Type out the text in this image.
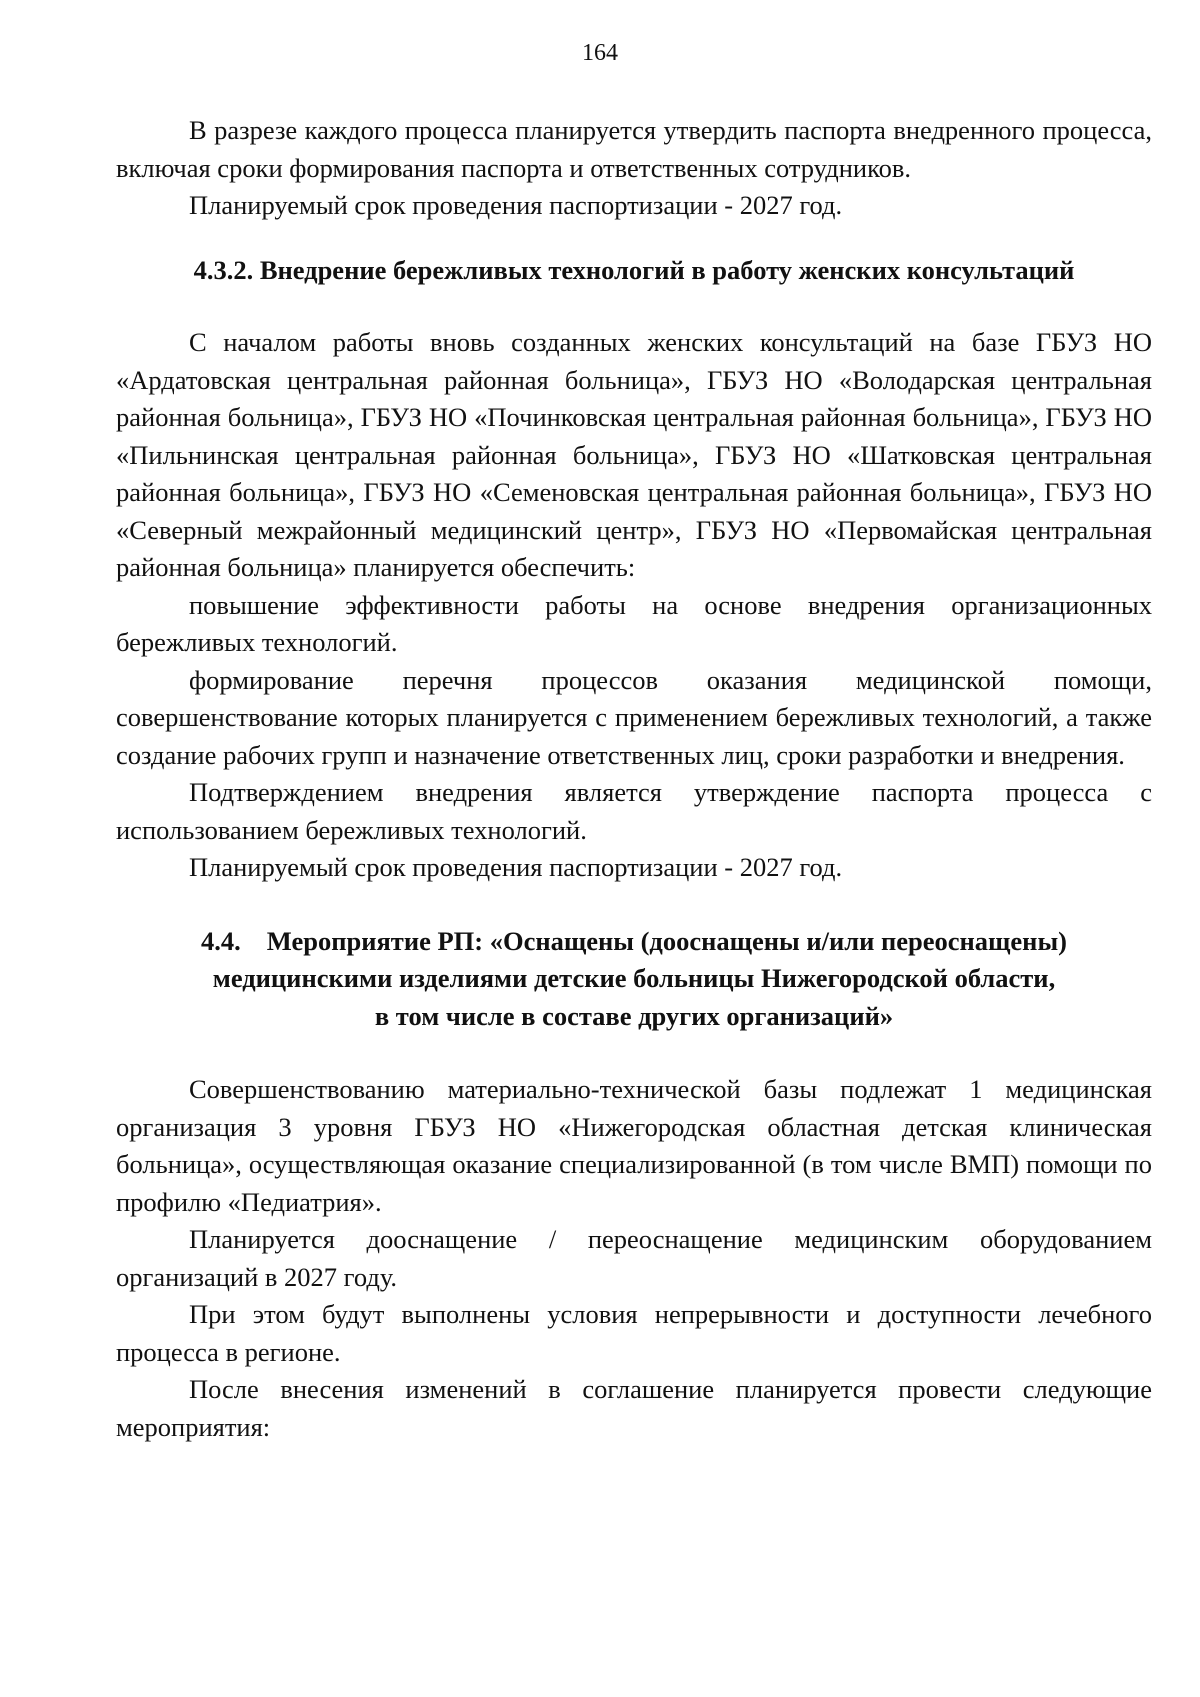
164

В разрезе каждого процесса планируется утвердить паспорта внедренного процесса, включая сроки формирования паспорта и ответственных сотрудников.

Планируемый срок проведения паспортизации - 2027 год.

4.3.2. Внедрение бережливых технологий в работу женских консультаций

С началом работы вновь созданных женских консультаций на базе ГБУЗ НО «Ардатовская центральная районная больница», ГБУЗ НО «Володарская центральная районная больница», ГБУЗ НО «Починковская центральная районная больница», ГБУЗ НО «Пильнинская центральная районная больница», ГБУЗ НО «Шатковская центральная районная больница», ГБУЗ НО «Семеновская центральная районная больница», ГБУЗ НО «Северный межрайонный медицинский центр», ГБУЗ НО «Первомайская центральная районная больница» планируется обеспечить:

повышение эффективности работы на основе внедрения организационных бережливых технологий.

формирование перечня процессов оказания медицинской помощи, совершенствование которых планируется с применением бережливых технологий, а также создание рабочих групп и назначение ответственных лиц, сроки разработки и внедрения.

Подтверждением внедрения является утверждение паспорта процесса с использованием бережливых технологий.

Планируемый срок проведения паспортизации - 2027 год.

4.4. Мероприятие РП: «Оснащены (дооснащены и/или переоснащены)
медицинскими изделиями детские больницы Нижегородской области,
в том числе в составе других организаций»

Совершенствованию материально-технической базы подлежат 1 медицинская организация 3 уровня ГБУЗ НО «Нижегородская областная детская клиническая больница», осуществляющая оказание специализированной (в том числе ВМП) помощи по профилю «Педиатрия».

Планируется дооснащение / переоснащение медицинским оборудованием организаций в 2027 году.

При этом будут выполнены условия непрерывности и доступности лечебного процесса в регионе.

После внесения изменений в соглашение планируется провести следующие мероприятия:
